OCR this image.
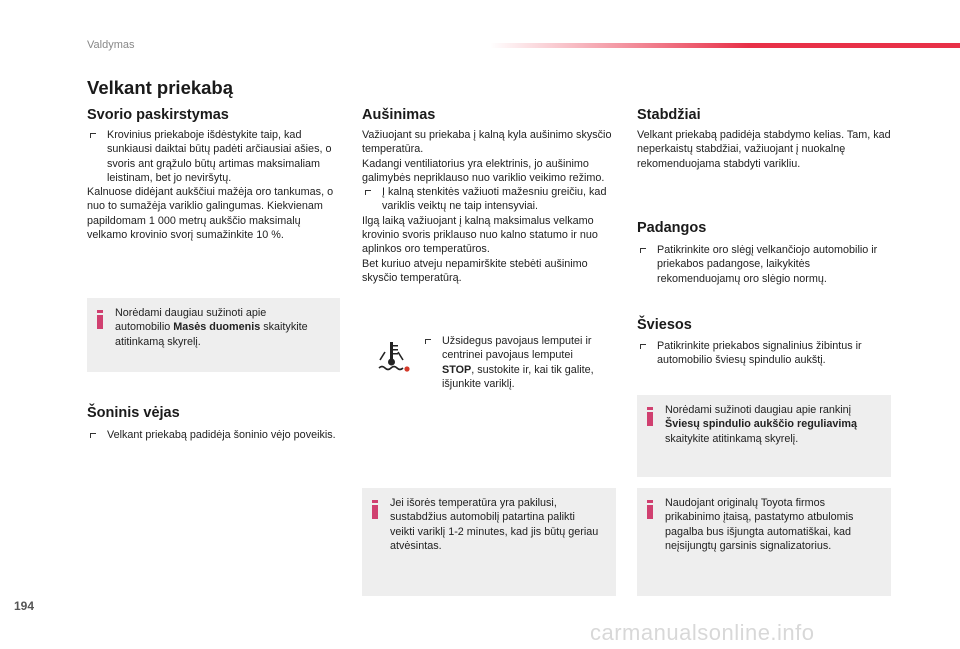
Valdymas
Velkant priekabą
Svorio paskirstymas

Krovinius priekaboje išdėstykite taip, kad sunkiausi daiktai būtų padėti arčiausiai ašies, o svoris ant grąžulo būtų artimas maksimaliam leistinam, bet jo neviršytų.

Kalnuose didėjant aukščiui mažėja oro tankumas, o nuo to sumažėja variklio galingumas. Kiekvienam papildomam 1 000 metrų aukščio maksimalų velkamo krovinio svorį sumažinkite 10 %.

Norėdami daugiau sužinoti apie automobilio Masės duomenis skaitykite atitinkamą skyrelį.
Šoninis vėjas

Velkant priekabą padidėja šoninio vėjo poveikis.

Aušinimas

Važiuojant su priekaba į kalną kyla aušinimo skysčio temperatūra.

Kadangi ventiliatorius yra elektrinis, jo aušinimo galimybės nepriklauso nuo variklio veikimo režimo.

Į kalną stenkitės važiuoti mažesniu greičiu, kad variklis veiktų ne taip intensyviai.

Ilgą laiką važiuojant į kalną maksimalus velkamo krovinio svoris priklauso nuo kalno statumo ir nuo aplinkos oro temperatūros.

Bet kuriuo atveju nepamirškite stebėti aušinimo skysčio temperatūrą.

Užsidegus pavojaus lemputei ir centrinei pavojaus lemputei STOP, sustokite ir, kai tik galite, išjunkite variklį.

Jei išorės temperatūra yra pakilusi, sustabdžius automobilį patartina palikti veikti variklį 1-2 minutes, kad jis būtų geriau atvėsintas.
Stabdžiai
Velkant priekabą padidėja stabdymo kelias. Tam, kad neperkaistų stabdžiai, važiuojant į nuokalnę rekomenduojama stabdyti varikliu.
Padangos

Patikrinkite oro slėgį velkančiojo automobilio ir priekabos padangose, laikykitės rekomenduojamų oro slėgio normų.

Šviesos

Patikrinkite priekabos signalinius žibintus ir automobilio šviesų spindulio aukštį.

Norėdami sužinoti daugiau apie rankinį Šviesų spindulio aukščio reguliavimą skaitykite atitinkamą skyrelį.
Naudojant originalų Toyota firmos prikabinimo įtaisą, pastatymo atbulomis pagalba bus išjungta automatiškai, kad neįsijungtų garsinis signalizatorius.
194
carmanualsonline.info
